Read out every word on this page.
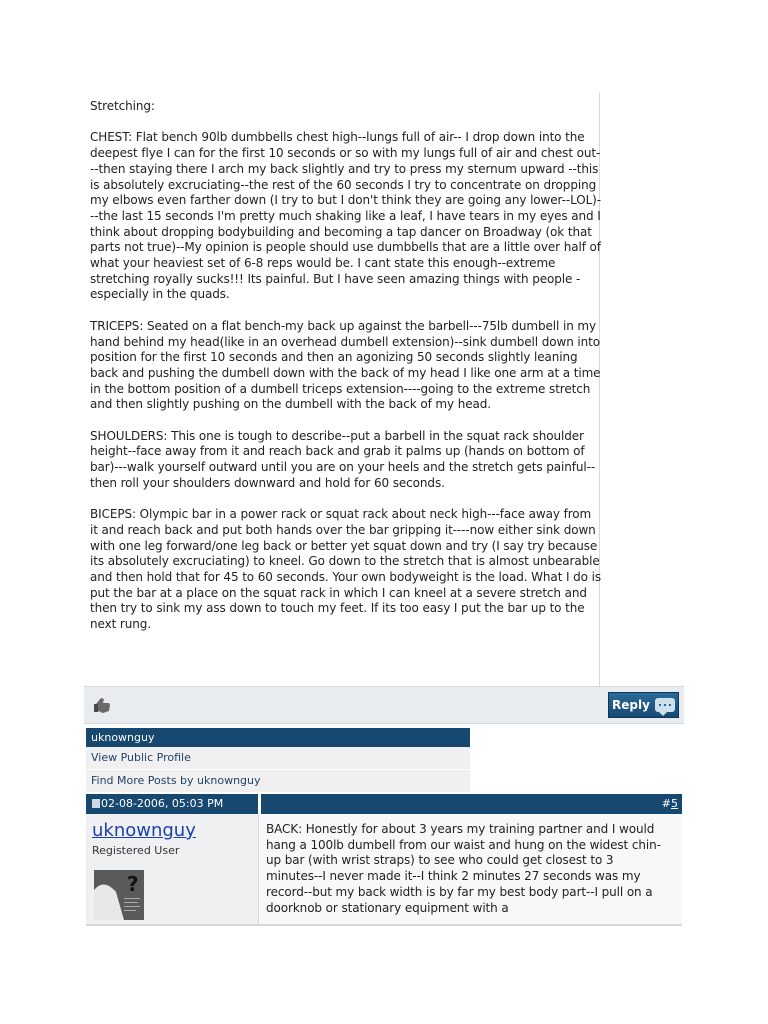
Stretching:

CHEST: Flat bench 90lb dumbbells chest high--lungs full of air-- I drop down into the deepest flye I can for the first 10 seconds or so with my lungs full of air and chest out---then staying there I arch my back slightly and try to press my sternum upward --this is absolutely excruciating--the rest of the 60 seconds I try to concentrate on dropping my elbows even farther down (I try to but I don't think they are going any lower--LOL)---the last 15 seconds I'm pretty much shaking like a leaf, I have tears in my eyes and I think about dropping bodybuilding and becoming a tap dancer on Broadway (ok that parts not true)--My opinion is people should use dumbbells that are a little over half of what your heaviest set of 6-8 reps would be. I cant state this enough--extreme stretching royally sucks!!! Its painful. But I have seen amazing things with people -especially in the quads.

TRICEPS: Seated on a flat bench-my back up against the barbell---75lb dumbell in my hand behind my head(like in an overhead dumbell extension)--sink dumbell down into position for the first 10 seconds and then an agonizing 50 seconds slightly leaning back and pushing the dumbell down with the back of my head I like one arm at a time in the bottom position of a dumbell triceps extension----going to the extreme stretch and then slightly pushing on the dumbell with the back of my head.

SHOULDERS: This one is tough to describe--put a barbell in the squat rack shoulder height--face away from it and reach back and grab it palms up (hands on bottom of bar)---walk yourself outward until you are on your heels and the stretch gets painful--then roll your shoulders downward and hold for 60 seconds.

BICEPS: Olympic bar in a power rack or squat rack about neck high---face away from it and reach back and put both hands over the bar gripping it----now either sink down with one leg forward/one leg back or better yet squat down and try (I say try because its absolutely excruciating) to kneel. Go down to the stretch that is almost unbearable and then hold that for 45 to 60 seconds. Your own bodyweight is the load. What I do is put the bar at a place on the squat rack in which I can kneel at a severe stretch and then try to sink my ass down to touch my feet. If its too easy I put the bar up to the next rung.

Reply
uknownguy
View Public Profile
Find More Posts by uknownguy
02-08-2006, 05:03 PM	#5
uknownguy
Registered User
?
BACK: Honestly for about 3 years my training partner and I would hang a 100lb dumbell from our waist and hung on the widest chin-up bar (with wrist straps) to see who could get closest to 3 minutes--I never made it--I think 2 minutes 27 seconds was my record--but my back width is by far my best body part--I pull on a doorknob or stationary equipment with a
